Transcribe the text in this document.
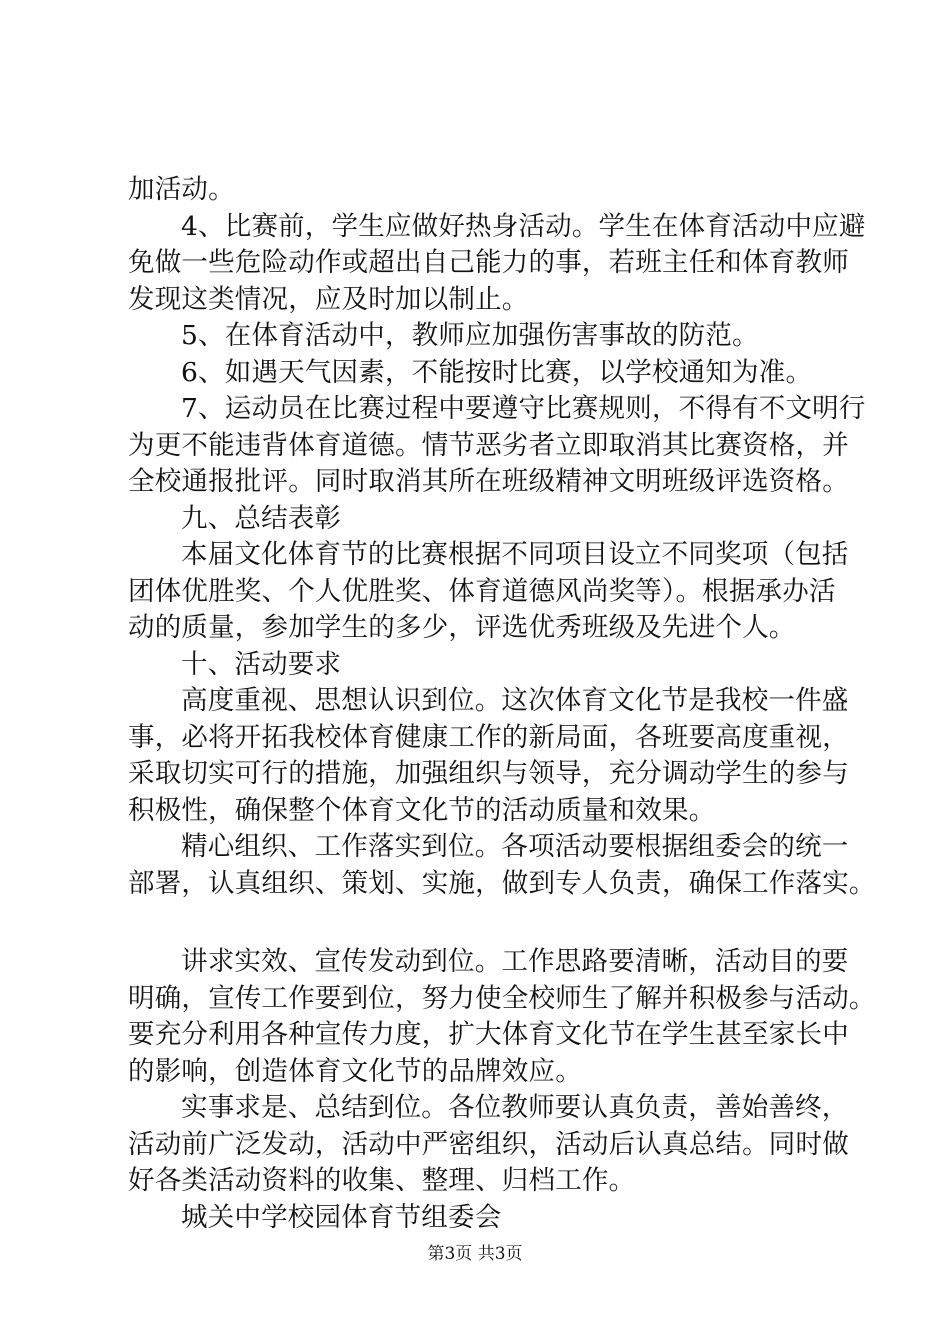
加活动。
4、比赛前，学生应做好热身活动。学生在体育活动中应避
免做一些危险动作或超出自己能力的事，若班主任和体育教师
发现这类情况，应及时加以制止。
5、在体育活动中，教师应加强伤害事故的防范。
6、如遇天气因素，不能按时比赛，以学校通知为准。
7、运动员在比赛过程中要遵守比赛规则，不得有不文明行
为更不能违背体育道德。情节恶劣者立即取消其比赛资格，并
全校通报批评。同时取消其所在班级精神文明班级评选资格。
九、总结表彰
本届文化体育节的比赛根据不同项目设立不同奖项（包括
团体优胜奖、个人优胜奖、体育道德风尚奖等）。根据承办活
动的质量，参加学生的多少，评选优秀班级及先进个人。
十、活动要求
高度重视、思想认识到位。这次体育文化节是我校一件盛
事，必将开拓我校体育健康工作的新局面，各班要高度重视，
采取切实可行的措施，加强组织与领导，充分调动学生的参与
积极性，确保整个体育文化节的活动质量和效果。
精心组织、工作落实到位。各项活动要根据组委会的统一
部署，认真组织、策划、实施，做到专人负责，确保工作落实。
讲求实效、宣传发动到位。工作思路要清晰，活动目的要
明确，宣传工作要到位，努力使全校师生了解并积极参与活动。
要充分利用各种宣传力度，扩大体育文化节在学生甚至家长中
的影响，创造体育文化节的品牌效应。
实事求是、总结到位。各位教师要认真负责，善始善终，
活动前广泛发动，活动中严密组织，活动后认真总结。同时做
好各类活动资料的收集、整理、归档工作。
城关中学校园体育节组委会
第3页 共3页
